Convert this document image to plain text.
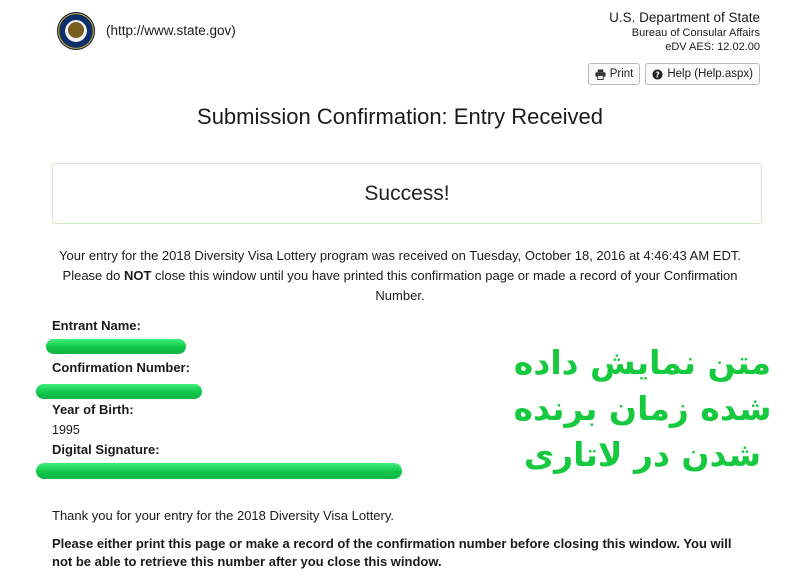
(http://www.state.gov)
U.S. Department of State
Bureau of Consular Affairs
eDV AES: 12.02.00
Print	? Help (Help.aspx)
Submission Confirmation: Entry Received
Success!
Your entry for the 2018 Diversity Visa Lottery program was received on Tuesday, October 18, 2016 at 4:46:43 AM EDT. Please do NOT close this window until you have printed this confirmation page or made a record of your Confirmation Number.
Entrant Name:
Confirmation Number:
Year of Birth:
1995
Digital Signature:
متن نمایش داده
شده زمان برنده
شدن در لاتاری
Thank you for your entry for the 2018 Diversity Visa Lottery.
Please either print this page or make a record of the confirmation number before closing this window. You will not be able to retrieve this number after you close this window.
